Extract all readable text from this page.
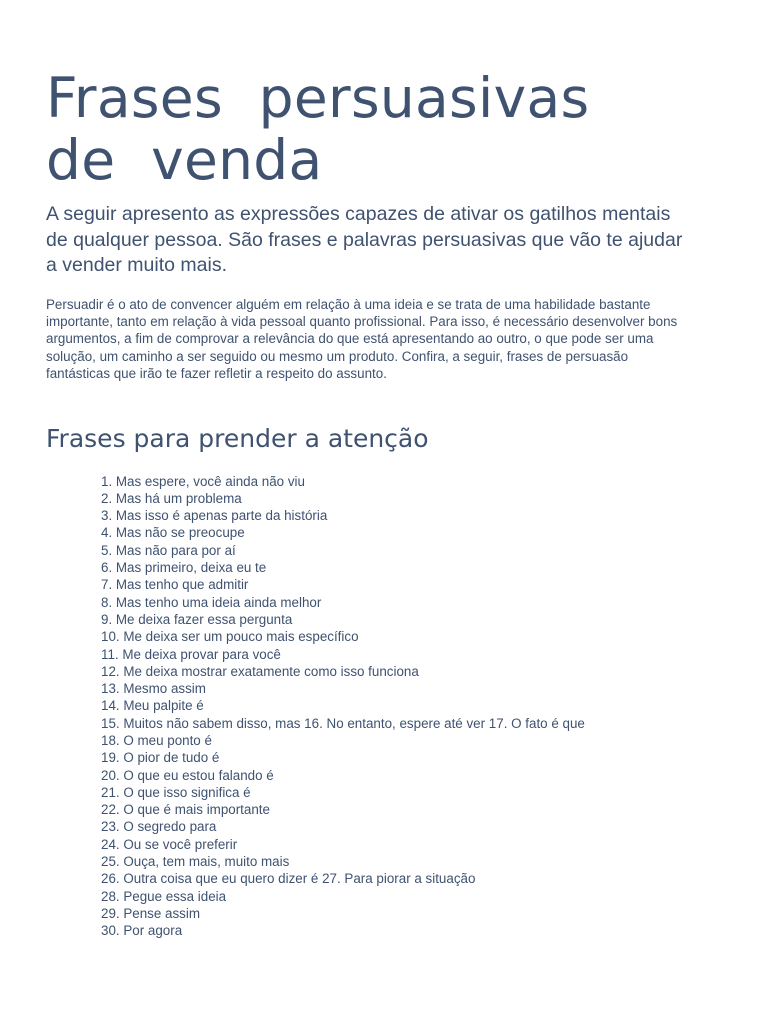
Frases persuasivas
de venda

A seguir apresento as expressões capazes de ativar os gatilhos mentais de qualquer pessoa. São frases e palavras persuasivas que vão te ajudar a vender muito mais.

Persuadir é o ato de convencer alguém em relação à uma ideia e se trata de uma habilidade bastante importante, tanto em relação à vida pessoal quanto profissional. Para isso, é necessário desenvolver bons argumentos, a fim de comprovar a relevância do que está apresentando ao outro, o que pode ser uma solução, um caminho a ser seguido ou mesmo um produto. Confira, a seguir, frases de persuasão fantásticas que irão te fazer refletir a respeito do assunto.

Frases para prender a atenção
1. Mas espere, você ainda não viu
2. Mas há um problema
3. Mas isso é apenas parte da história
4. Mas não se preocupe
5. Mas não para por aí
6. Mas primeiro, deixa eu te
7. Mas tenho que admitir
8. Mas tenho uma ideia ainda melhor
9. Me deixa fazer essa pergunta
10. Me deixa ser um pouco mais específico
11. Me deixa provar para você
12. Me deixa mostrar exatamente como isso funciona
13. Mesmo assim
14. Meu palpite é
15. Muitos não sabem disso, mas 16. No entanto, espere até ver 17. O fato é que
18. O meu ponto é
19. O pior de tudo é
20. O que eu estou falando é
21. O que isso significa é
22. O que é mais importante
23. O segredo para
24. Ou se você preferir
25. Ouça, tem mais, muito mais
26. Outra coisa que eu quero dizer é 27. Para piorar a situação
28. Pegue essa ideia
29. Pense assim
30. Por agora
